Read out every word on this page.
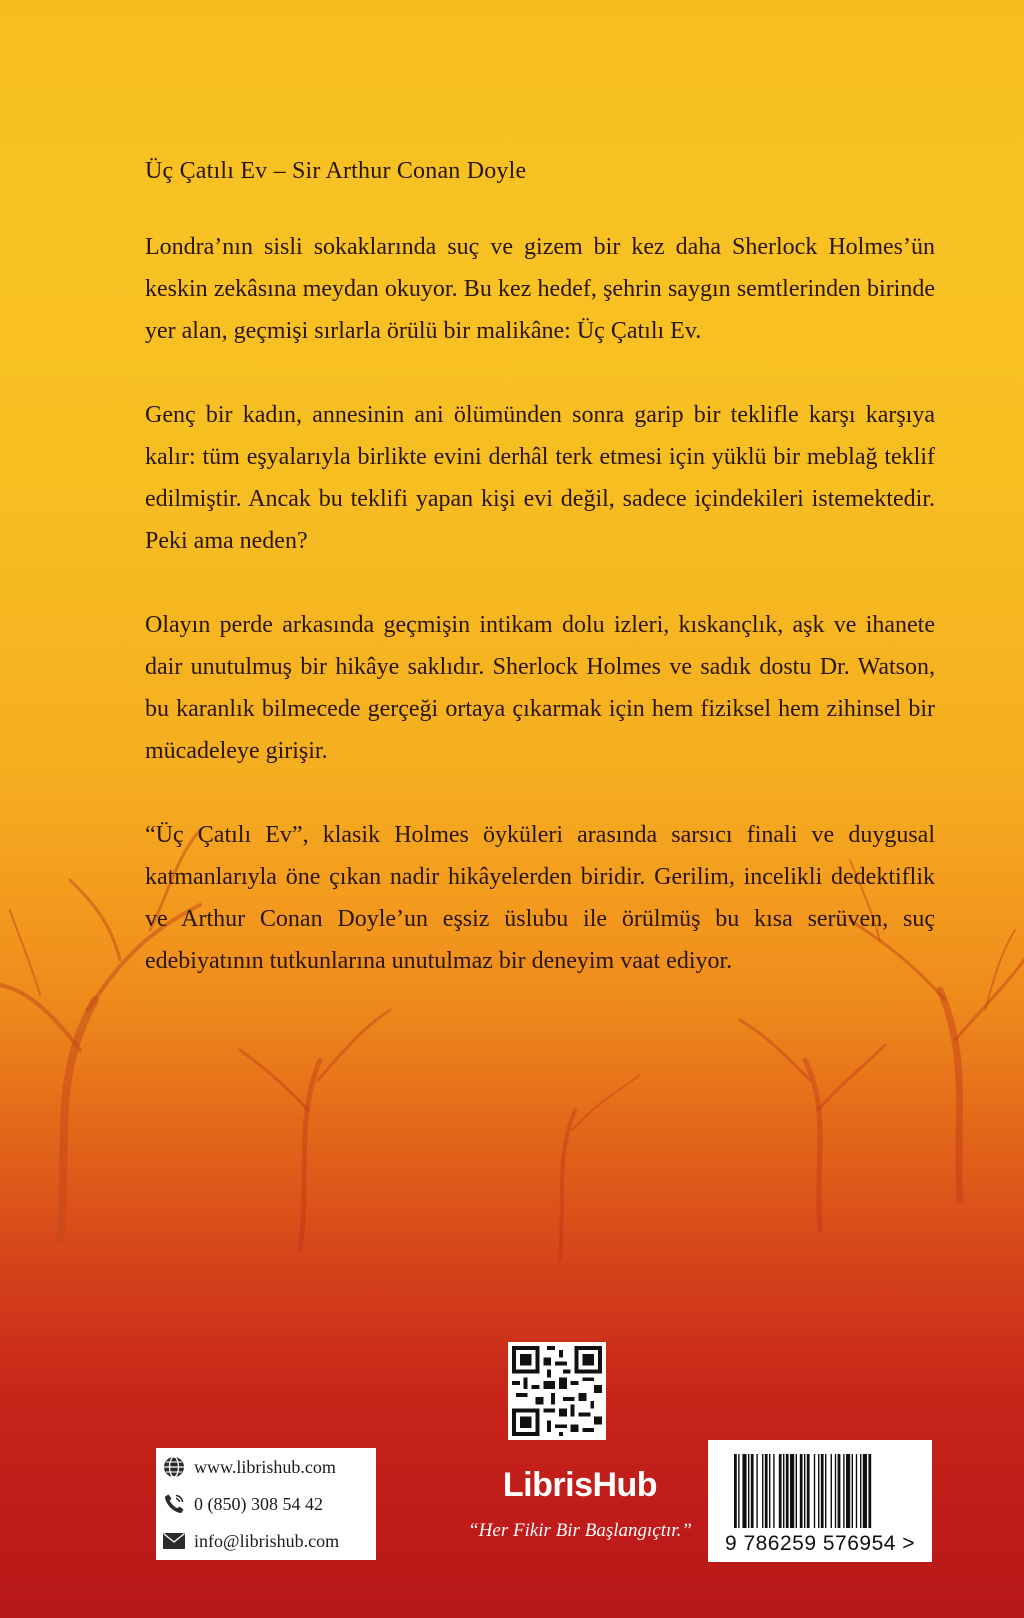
Üç Çatılı Ev – Sir Arthur Conan Doyle

Londra’nın sisli sokaklarında suç ve gizem bir kez daha Sherlock Holmes’ün keskin zekâsına meydan okuyor. Bu kez hedef, şehrin saygın semtlerinden birinde yer alan, geçmişi sırlarla örülü bir malikâne: Üç Çatılı Ev.

Genç bir kadın, annesinin ani ölümünden sonra garip bir teklifle karşı karşıya kalır: tüm eşyalarıyla birlikte evini derhâl terk etmesi için yüklü bir meblağ teklif edilmiştir. Ancak bu teklifi yapan kişi evi değil, sadece içindekileri istemektedir. Peki ama neden?

Olayın perde arkasında geçmişin intikam dolu izleri, kıskançlık, aşk ve ihanete dair unutulmuş bir hikâye saklıdır. Sherlock Holmes ve sadık dostu Dr. Watson, bu karanlık bilmecede gerçeği ortaya çıkarmak için hem fiziksel hem zihinsel bir mücadeleye girişir.

“Üç Çatılı Ev”, klasik Holmes öyküleri arasında sarsıcı finali ve duygusal katmanlarıyla öne çıkan nadir hikâyelerden biridir. Gerilim, incelikli dedektiflik ve Arthur Conan Doyle’un eşsiz üslubu ile örülmüş bu kısa serüven, suç edebiyatının tutkunlarına unutulmaz bir deneyim vaat ediyor.

LibrisHub
“Her Fikir Bir Başlangıçtır.”
www.librishub.com
0 (850) 308 54 42
info@librishub.com	9 786259 576954 >
